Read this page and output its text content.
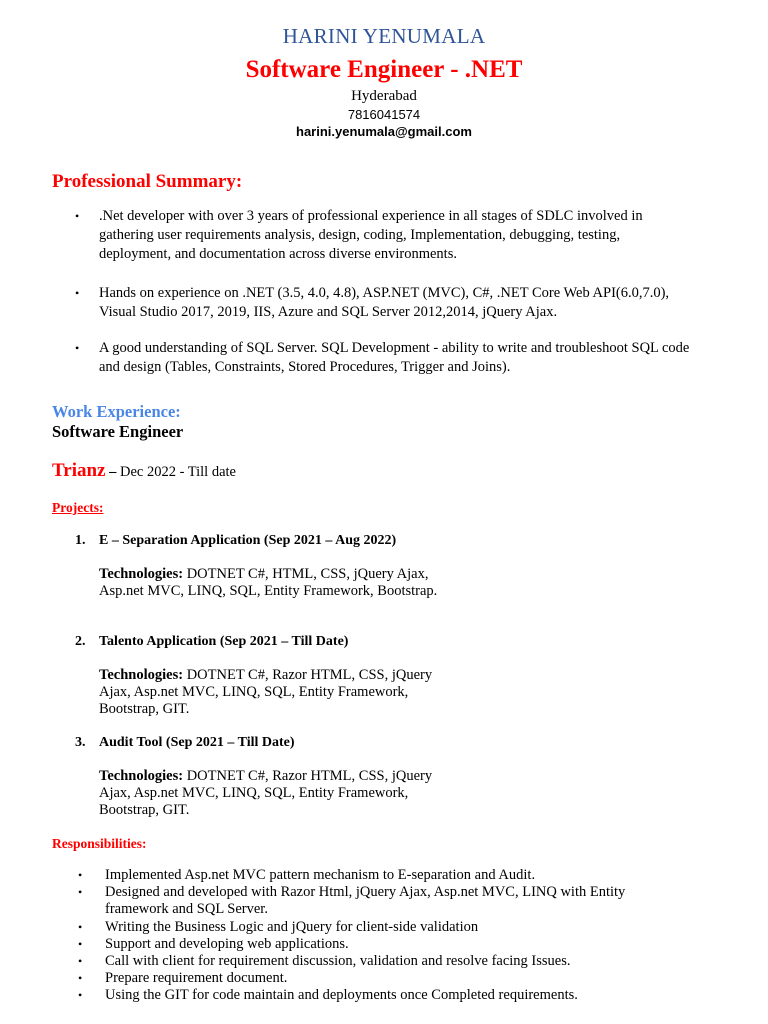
HARINI YENUMALA
Software Engineer - .NET
Hyderabad
7816041574
harini.yenumala@gmail.com
Professional Summary:
•	.Net developer with over 3 years of professional experience in all stages of SDLC involved in gathering user requirements analysis, design, coding, Implementation, debugging, testing, deployment, and documentation across diverse environments.
•	Hands on experience on .NET (3.5, 4.0, 4.8), ASP.NET (MVC), C#, .NET Core Web API(6.0,7.0), Visual Studio 2017, 2019, IIS, Azure and SQL Server 2012,2014, jQuery Ajax.
•	A good understanding of SQL Server. SQL Development - ability to write and troubleshoot SQL code and design (Tables, Constraints, Stored Procedures, Trigger and Joins).
Work Experience:
Software Engineer
Trianz – Dec 2022 - Till date
Projects:
1. E – Separation Application (Sep 2021 – Aug 2022)
Technologies: DOTNET C#, HTML, CSS, jQuery Ajax, Asp.net MVC, LINQ, SQL, Entity Framework, Bootstrap.
2. Talento Application (Sep 2021 – Till Date)
Technologies: DOTNET C#, Razor HTML, CSS, jQuery Ajax, Asp.net MVC, LINQ, SQL, Entity Framework, Bootstrap, GIT.
3. Audit Tool (Sep 2021 – Till Date)
Technologies: DOTNET C#, Razor HTML, CSS, jQuery Ajax, Asp.net MVC, LINQ, SQL, Entity Framework, Bootstrap, GIT.
Responsibilities:
•	Implemented Asp.net MVC pattern mechanism to E-separation and Audit.
•	Designed and developed with Razor Html, jQuery Ajax, Asp.net MVC, LINQ with Entity framework and SQL Server.
•	Writing the Business Logic and jQuery for client-side validation
•	Support and developing web applications.
•	Call with client for requirement discussion, validation and resolve facing Issues.
•	Prepare requirement document.
•	Using the GIT for code maintain and deployments once Completed requirements.
